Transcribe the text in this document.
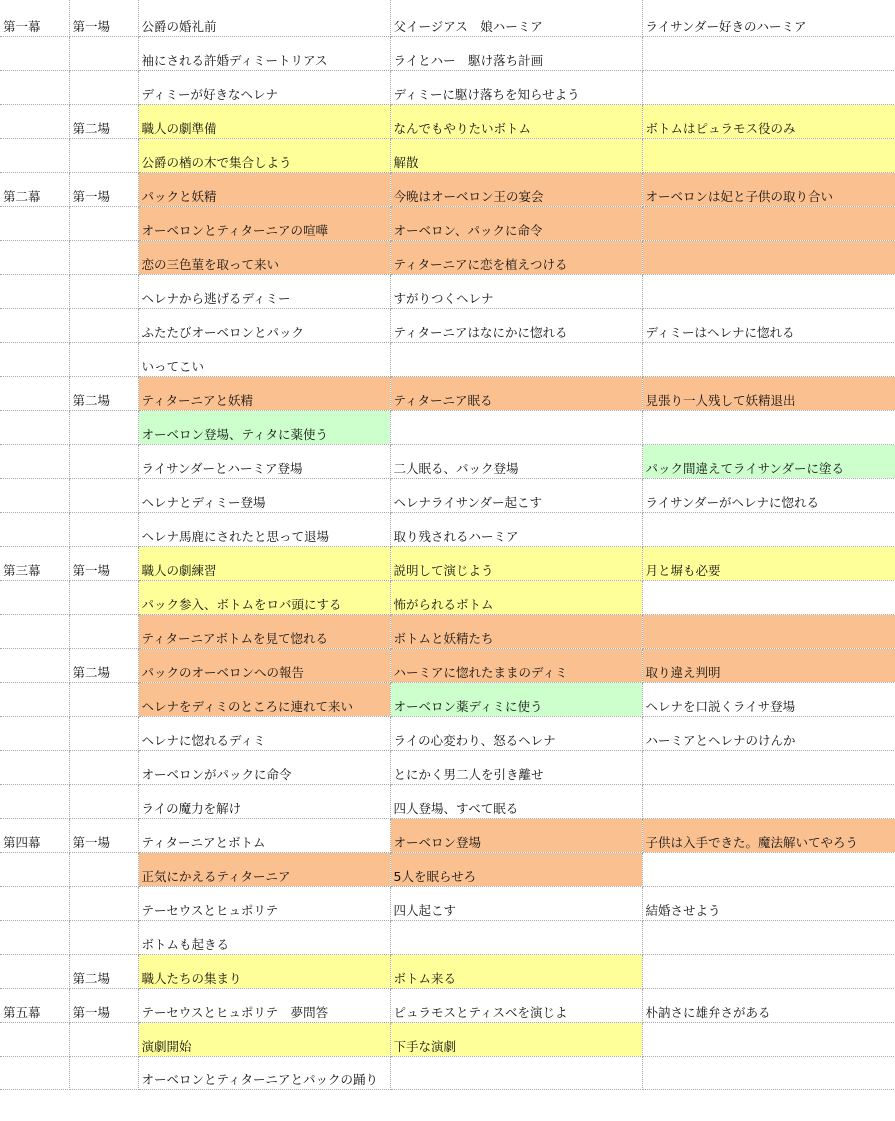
第一幕	第一場	公爵の婚礼前	父イージアス　娘ハーミア	ライサンダー好きのハーミア

		袖にされる許婚ディミートリアス	ライとハー　駆け落ち計画	

		ディミーが好きなヘレナ	ディミーに駆け落ちを知らせよう	

	第二場	職人の劇準備	なんでもやりたいボトム	ボトムはピュラモス役のみ

		公爵の楢の木で集合しよう	解散	

第二幕	第一場	パックと妖精	今晩はオーベロン王の宴会	オーベロンは妃と子供の取り合い

		オーベロンとティターニアの喧嘩	オーベロン、パックに命令	

		恋の三色菫を取って来い	ティターニアに恋を植えつける	

		ヘレナから逃げるディミー	すがりつくヘレナ	

		ふたたびオーベロンとパック	ティターニアはなにかに惚れる	ディミーはヘレナに惚れる

		いってこい		

	第二場	ティターニアと妖精	ティターニア眠る	見張り一人残して妖精退出

		オーベロン登場、ティタに薬使う		

		ライサンダーとハーミア登場	二人眠る、パック登場	パック間違えてライサンダーに塗る

		ヘレナとディミー登場	ヘレナライサンダー起こす	ライサンダーがヘレナに惚れる

		ヘレナ馬鹿にされたと思って退場	取り残されるハーミア	

第三幕	第一場	職人の劇練習	説明して演じよう	月と塀も必要

		パック参入、ボトムをロバ頭にする	怖がられるボトム	

		ティターニアボトムを見て惚れる	ボトムと妖精たち	

	第二場	パックのオーベロンへの報告	ハーミアに惚れたままのディミ	取り違え判明

		ヘレナをディミのところに連れて来い	オーベロン薬ディミに使う	ヘレナを口説くライサ登場

		ヘレナに惚れるディミ	ライの心変わり、怒るヘレナ	ハーミアとヘレナのけんか

		オーベロンがパックに命令	とにかく男二人を引き離せ	

		ライの魔力を解け	四人登場、すべて眠る	

第四幕	第一場	ティターニアとボトム	オーベロン登場	子供は入手できた。魔法解いてやろう

		正気にかえるティターニア	5人を眠らせろ	

		テーセウスとヒュポリテ	四人起こす	結婚させよう

		ボトムも起きる		

	第二場	職人たちの集まり	ボトム来る	

第五幕	第一場	テーセウスとヒュポリテ　夢問答	ピュラモスとティスベを演じよ	朴訥さに雄弁さがある

		演劇開始	下手な演劇	

		オーベロンとティターニアとパックの踊り		
